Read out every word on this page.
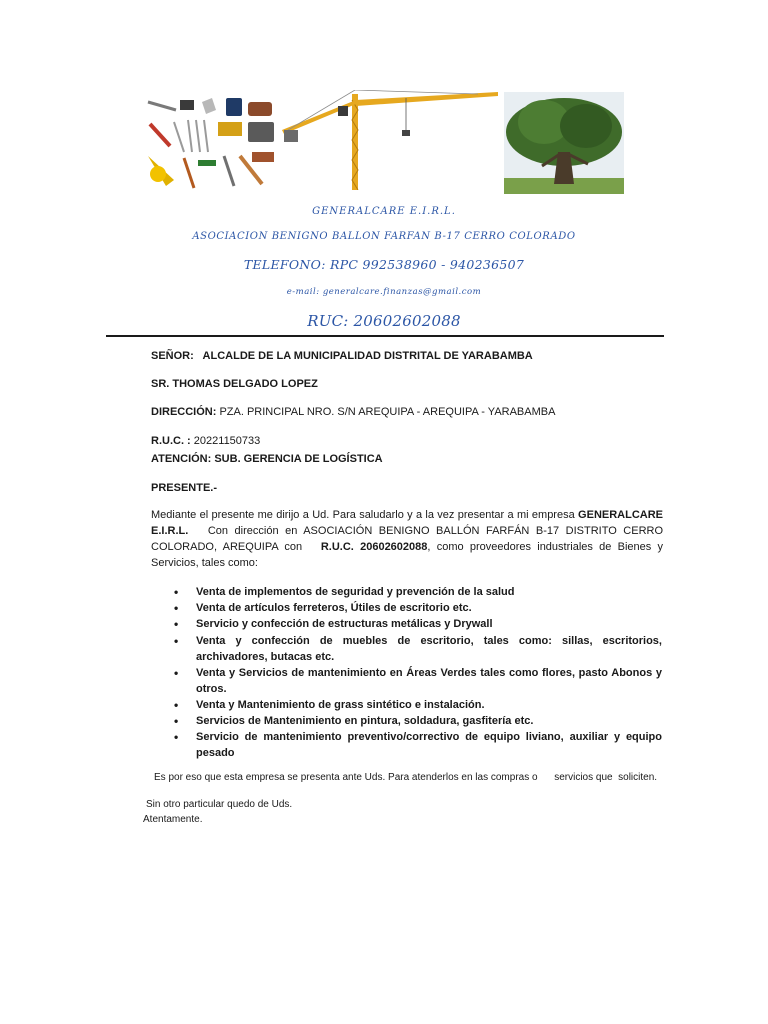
GENERALCARE E.I.R.L.
ASOCIACION BENIGNO BALLON FARFAN B-17 CERRO COLORADO
TELEFONO: RPC 992538960 - 940236507
e-mail: generalcare.finanzas@gmail.com
RUC: 20602602088
SEÑOR: ALCALDE DE LA MUNICIPALIDAD DISTRITAL DE YARABAMBA
SR. THOMAS DELGADO LOPEZ
DIRECCIÓN: PZA. PRINCIPAL NRO. S/N AREQUIPA - AREQUIPA - YARABAMBA
R.U.C. : 20221150733
ATENCIÓN: SUB. GERENCIA DE LOGÍSTICA
PRESENTE.-
Mediante el presente me dirijo a Ud. Para saludarlo y a la vez presentar a mi empresa GENERALCARE E.I.R.L. Con dirección en ASOCIACIÓN BENIGNO BALLÓN FARFÁN B-17 DISTRITO CERRO COLORADO, AREQUIPA con R.U.C. 20602602088, como proveedores industriales de Bienes y Servicios, tales como:
• Venta de implementos de seguridad y prevención de la salud
• Venta de artículos ferreteros, Útiles de escritorio etc.
• Servicio y confección de estructuras metálicas y Drywall
• Venta y confección de muebles de escritorio, tales como: sillas, escritorios, archivadores, butacas etc.
• Venta y Servicios de mantenimiento en Áreas Verdes tales como flores, pasto Abonos y otros.
• Venta y Mantenimiento de grass sintético e instalación.
• Servicios de Mantenimiento en pintura, soldadura, gasfitería etc.
• Servicio de mantenimiento preventivo/correctivo de equipo liviano, auxiliar y equipo pesado
Es por eso que esta empresa se presenta ante Uds. Para atenderlos en las compras o      servicios que  soliciten.
Sin otro particular quedo de Uds.
Atentamente.
